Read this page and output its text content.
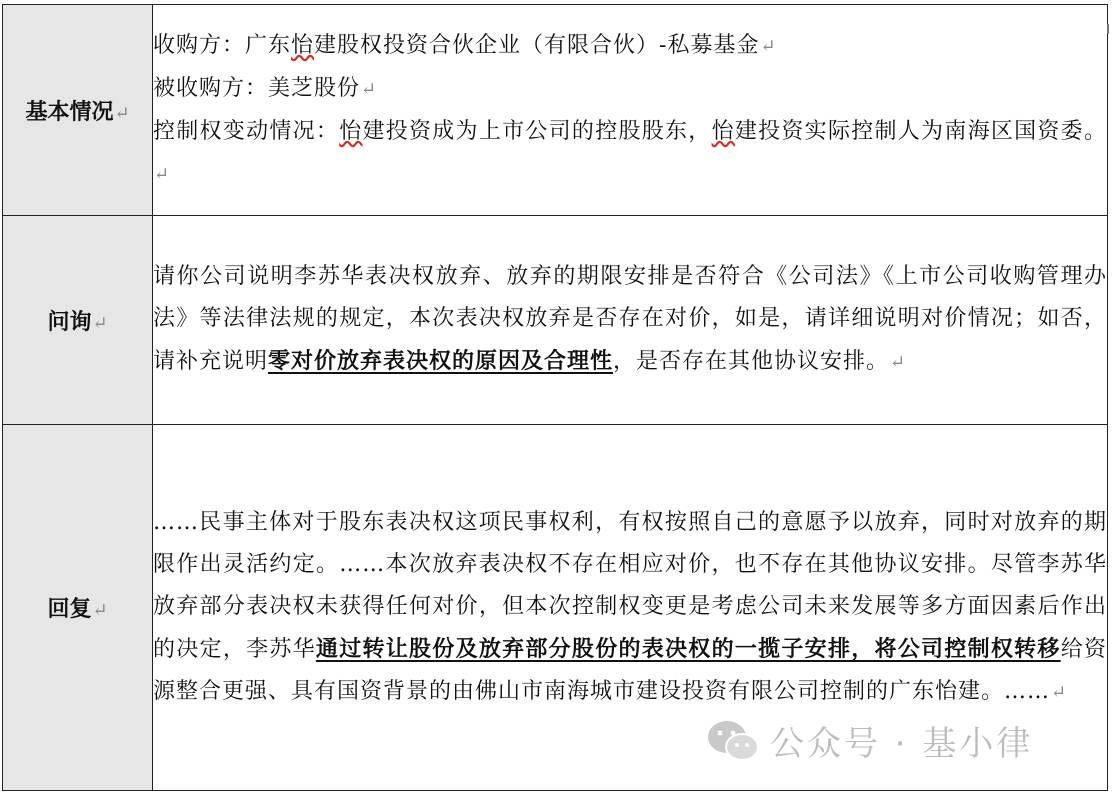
基本情况↵	收购方：广东怡建股权投资合伙企业（有限合伙）-私募基金↵
被收购方：美芝股份↵
控制权变动情况：怡建投资成为上市公司的控股股东，怡建投资实际控制人为南海区国资委。↵

问询↵	请你公司说明李苏华表决权放弃、放弃的期限安排是否符合《公司法》《上市公司收购管理办法》等法律法规的规定，本次表决权放弃是否存在对价，如是，请详细说明对价情况；如否，请补充说明零对价放弃表决权的原因及合理性，是否存在其他协议安排。↵

回复↵	……民事主体对于股东表决权这项民事权利，有权按照自己的意愿予以放弃，同时对放弃的期限作出灵活约定。……本次放弃表决权不存在相应对价，也不存在其他协议安排。尽管李苏华放弃部分表决权未获得任何对价，但本次控制权变更是考虑公司未来发展等多方面因素后作出的决定，李苏华通过转让股份及放弃部分股份的表决权的一揽子安排，将公司控制权转移给资源整合更强、具有国资背景的由佛山市南海城市建设投资有限公司控制的广东怡建。……↵
公众号 · 基小律
